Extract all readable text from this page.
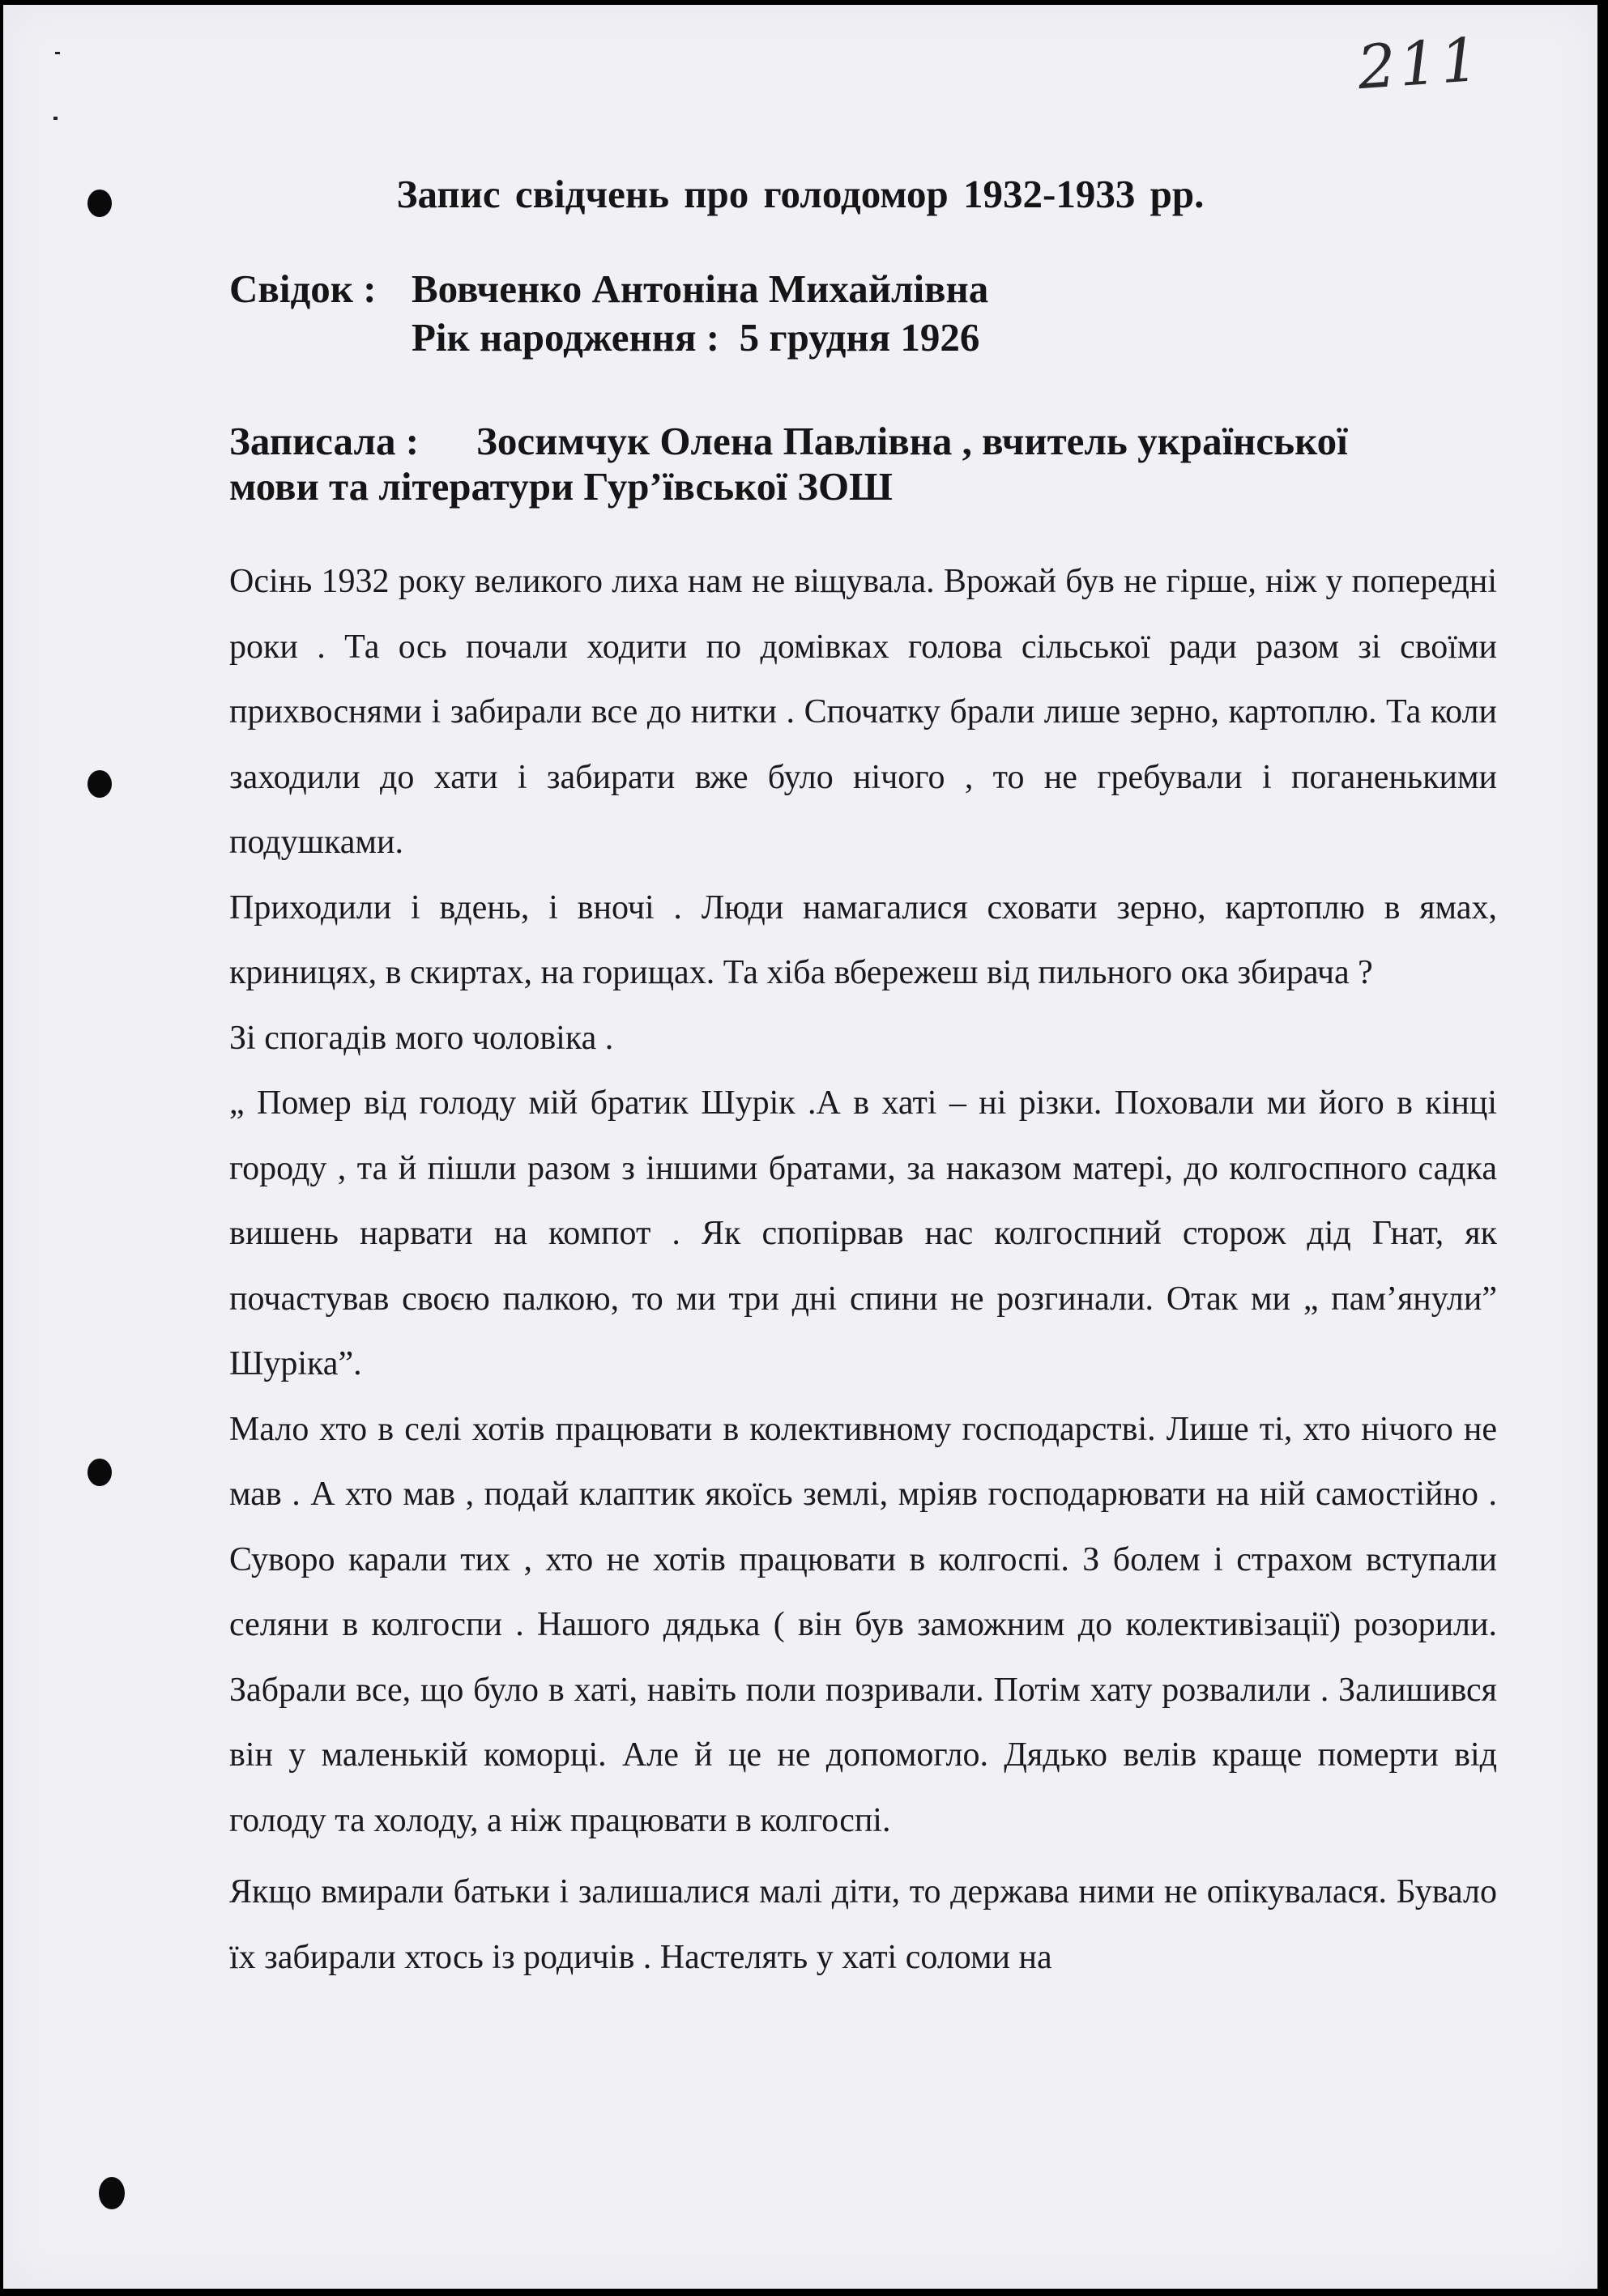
211

Запис свідчень про голодомор 1932-1933 рр.

Свідок : Вовченко Антоніна Михайлівна

Рік народження : 5 грудня 1926

Записала : Зосимчук Олена Павлівна , вчитель української

мови та літератури Гур’ївської ЗОШ

Осінь 1932 року великого лиха нам не віщувала. Врожай був не гірше, ніж у попередні роки . Та ось почали ходити по домівках голова сільської ради разом зі своїми прихвоснями і забирали все до нитки . Спочатку брали лише зерно, картоплю. Та коли заходили до хати і забирати вже було нічого , то не гребували і поганенькими подушками.

Приходили і вдень, і вночі . Люди намагалися сховати зерно, картоплю в ямах, криницях, в скиртах, на горищах. Та хіба вбережеш від пильного ока збирача ?

Зі спогадів мого чоловіка .

„ Помер від голоду мій братик Шурік .А в хаті – ні різки. Поховали ми його в кінці городу , та й пішли разом з іншими братами, за наказом матері, до колгоспного садка вишень нарвати на компот . Як спопірвав нас колгоспний сторож дід Гнат, як почастував своєю палкою, то ми три дні спини не розгинали. Отак ми „ пам’янули” Шуріка”.

Мало хто в селі хотів працювати в колективному господарстві. Лише ті, хто нічого не мав . А хто мав , подай клаптик якоїсь землі, мріяв господарювати на ній самостійно . Суворо карали тих , хто не хотів працювати в колгоспі. З болем і страхом вступали селяни в колгоспи . Нашого дядька ( він був заможним до колективізації) розорили. Забрали все, що було в хаті, навіть поли позривали. Потім хату розвалили . Залишився він у маленькій коморці. Але й це не допомогло. Дядько велів краще померти від голоду та холоду, а ніж працювати в колгоспі.

Якщо вмирали батьки і залишалися малі діти, то держава ними не опікувалася. Бувало їх забирали хтось із родичів . Настелять у хаті соломи на
